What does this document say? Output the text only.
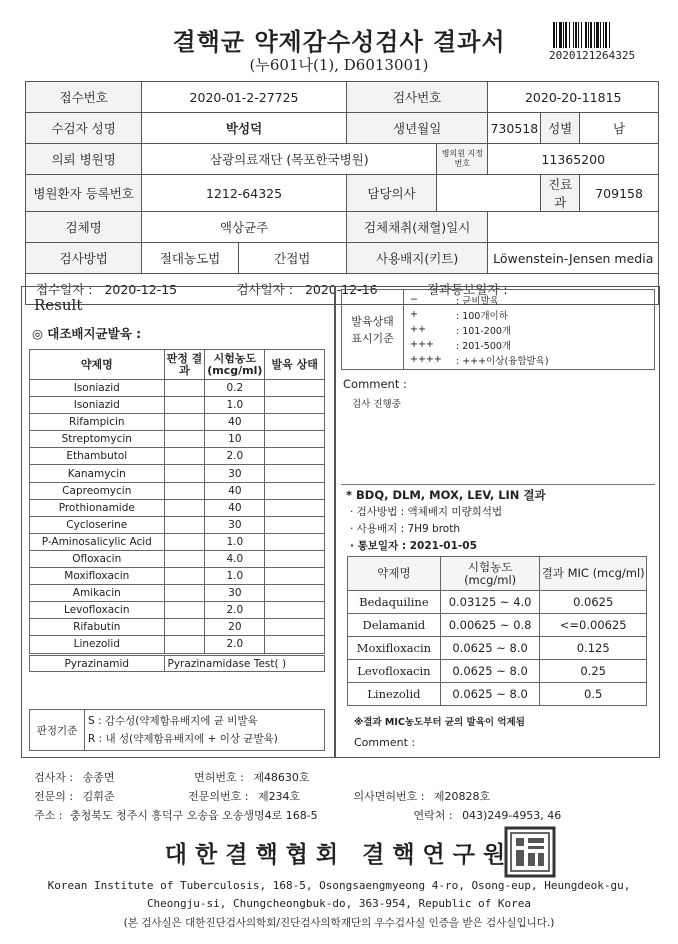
결핵균 약제감수성검사 결과서
(누601나(1), D6013001)
2020121264325
접수번호	2020-01-2-27725		검사번호		2020-20-11815		
수검자 성명	박성덕		생년월일		730518	성별	남
의뢰 병원명	삼광의료재단 (목포한국병원)			병의원 지정번호	11365200		
병원환자 등록번호	1212-64325		담당의사			진료과	709158
검체명	액상균주		검체채취(채혈)일시				
검사방법	절대농도법	간접법	사용배지(키트)		Löwenstein-Jensen media		
접수일자 : 2020-12-15 검사일자 : 2020-12-16 결과통보일자 :							
Result
◎ 대조배지균발육 :
약제명	판정 결과	시험농도 (mcg/ml)	발육 상태
Isoniazid		0.2	
Isoniazid		1.0	
Rifampicin		40	
Streptomycin		10	
Ethambutol		2.0	
Kanamycin		30	
Capreomycin		40	
Prothionamide		40	
Cycloserine		30	
P-Aminosalicylic Acid		1.0	
Ofloxacin		4.0	
Moxifloxacin		1.0	
Amikacin		30	
Levofloxacin		2.0	
Rifabutin		20	
Linezolid		2.0	
Pyrazinamid	Pyrazinamidase Test( )
판정기준	
S : 감수성(약제함유배지에 균 비발육
R : 내 성(약제함유배지에 + 이상 균발육)
발육상태 표시기준	
−	: 균비발육
+	: 100개이하
++	: 101-200개
+++	: 201-500개
++++	: +++이상(융합발육)
Comment :
검사 진행중
* BDQ, DLM, MOX, LEV, LIN 결과
· 검사방법 : 액체배지 미량희석법
· 사용배지 : 7H9 broth
· 통보일자 : 2021-01-05
약제명	시험농도 (mcg/ml)	결과 MIC (mcg/ml)
Bedaquiline	0.03125 ~ 4.0	0.0625
Delamanid	0.00625 ~ 0.8	<=0.00625
Moxifloxacin	0.0625 ~ 8.0	0.125
Levofloxacin	0.0625 ~ 8.0	0.25
Linezolid	0.0625 ~ 8.0	0.5
※결과 MIC농도부터 균의 발육이 억제됨
Comment :
검사자 : 송종면	면허번호 : 제48630호
전문의 : 김휘준	전문의번호 : 제234호	의사면허번호 : 제20828호
주소 : 충청북도 청주시 흥덕구 오송읍 오송생명4로 168-5	연락처 : 043)249-4953, 46
대한결핵협회 결핵연구원
Korean Institute of Tuberculosis, 168-5, Osongsaengmyeong 4-ro, Osong-eup, Heungdeok-gu,
Cheongju-si, Chungcheongbuk-do, 363-954, Republic of Korea
(본 검사실은 대한진단검사의학회/진단검사의학재단의 우수검사실 인증을 받은 검사실입니다.)
